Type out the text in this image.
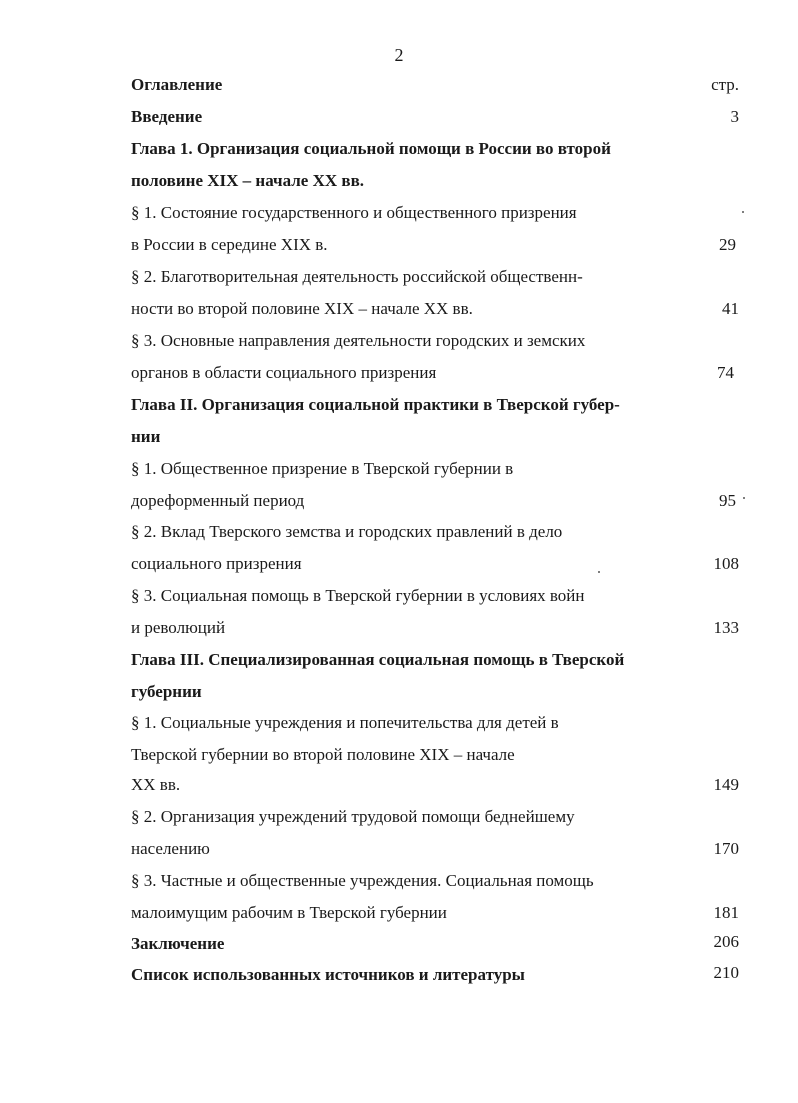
2
Оглавление	стр.
Введение	3
Глава 1. Организация социальной помощи в России во второй
половине XIX – начале XX вв.
§ 1. Состояние государственного и общественного призрения
в России в середине XIX в.	29
§ 2. Благотворительная деятельность российской общественн-
ности во второй половине XIX – начале XX вв.	41
§ 3. Основные направления деятельности городских и земских
органов в области социального призрения	74
Глава II. Организация социальной практики в Тверской губер-
нии
§ 1. Общественное призрение в Тверской губернии в
дореформенный период	95
§ 2. Вклад Тверского земства и городских правлений в дело
социального призрения	108
§ 3. Социальная помощь в Тверской губернии в условиях войн
и революций	133
Глава III. Специализированная социальная помощь в Тверской
губернии
§ 1. Социальные учреждения и попечительства для детей в
Тверской губернии во второй половине XIX – начале
XX вв.	149
§ 2. Организация учреждений трудовой помощи беднейшему
населению	170
§ 3. Частные и общественные учреждения. Социальная помощь
малоимущим рабочим в Тверской губернии	181
Заключение	206
Список использованных источников и литературы	210
